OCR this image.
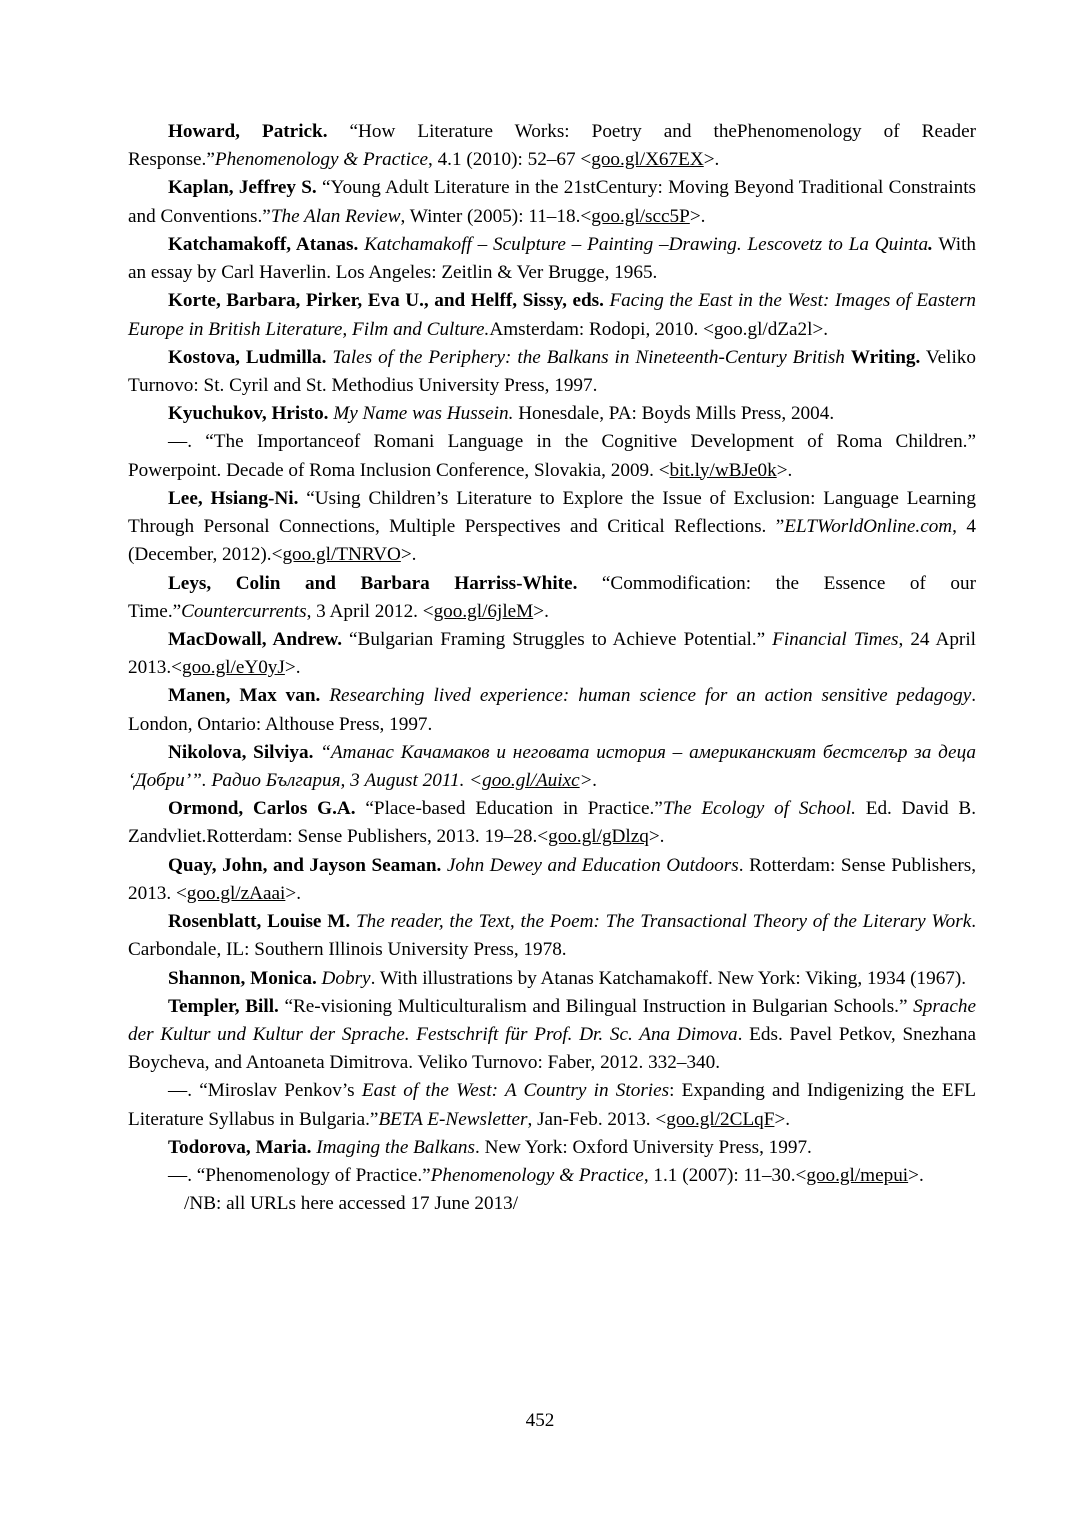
Howard, Patrick. “How Literature Works: Poetry and thePhenomenology of Reader Response.”Phenomenology & Practice, 4.1 (2010): 52–67 <goo.gl/X67EX>.

Kaplan, Jeffrey S. “Young Adult Literature in the 21stCentury: Moving Beyond Traditional Constraints and Conventions.”The Alan Review, Winter (2005): 11–18.<goo.gl/scc5P>.

Katchamakoff, Atanas. Katchamakoff – Sculpture – Painting –Drawing. Lescovetz to La Quinta. With an essay by Carl Haverlin. Los Angeles: Zeitlin & Ver Brugge, 1965.

Korte, Barbara, Pirker, Eva U., and Helff, Sissy, eds. Facing the East in the West: Images of Eastern Europe in British Literature, Film and Culture.Amsterdam: Rodopi, 2010. <goo.gl/dZa2l>.

Kostova, Ludmilla. Tales of the Periphery: the Balkans in Nineteenth-Century British Writing. Veliko Turnovo: St. Cyril and St. Methodius University Press, 1997.

Kyuchukov, Hristo. My Name was Hussein. Honesdale, PA: Boyds Mills Press, 2004.

—. “The Importanceof Romani Language in the Cognitive Development of Roma Children.” Powerpoint. Decade of Roma Inclusion Conference, Slovakia, 2009. <bit.ly/wBJe0k>.

Lee, Hsiang-Ni. “Using Children’s Literature to Explore the Issue of Exclusion: Language Learning Through Personal Connections, Multiple Perspectives and Critical Reflections. ”ELTWorldOnline.com, 4 (December, 2012).<goo.gl/TNRVO>.

Leys, Colin and Barbara Harriss-White. “Commodification: the Essence of our Time.”Countercurrents, 3 April 2012. <goo.gl/6jleM>.

MacDowall, Andrew. “Bulgarian Framing Struggles to Achieve Potential.” Financial Times, 24 April 2013.<goo.gl/eY0yJ>.

Manen, Max van. Researching lived experience: human science for an action sensitive pedagogy. London, Ontario: Althouse Press, 1997.

Nikolova, Silviya. “Атанас Качамаков и неговата история – американският бестселър за деца ‘Добри’”. Радио България, 3 August 2011. <goo.gl/Auixc>.

Ormond, Carlos G.A. “Place-based Education in Practice.”The Ecology of School. Ed. David B. Zandvliet.Rotterdam: Sense Publishers, 2013. 19–28.<goo.gl/gDlzq>.

Quay, John, and Jayson Seaman. John Dewey and Education Outdoors. Rotterdam: Sense Publishers, 2013. <goo.gl/zAaai>.

Rosenblatt, Louise M. The reader, the Text, the Poem: The Transactional Theory of the Literary Work. Carbondale, IL: Southern Illinois University Press, 1978.

Shannon, Monica. Dobry. With illustrations by Atanas Katchamakoff. New York: Viking, 1934 (1967).

Templer, Bill. “Re-visioning Multiculturalism and Bilingual Instruction in Bulgarian Schools.” Sprache der Kultur und Kultur der Sprache. Festschrift für Prof. Dr. Sc. Ana Dimova. Eds. Pavel Petkov, Snezhana Boycheva, and Antoaneta Dimitrova. Veliko Turnovo: Faber, 2012. 332–340.

—. “Miroslav Penkov’s East of the West: A Country in Stories: Expanding and Indigenizing the EFL Literature Syllabus in Bulgaria.”BETA E-Newsletter, Jan-Feb. 2013. <goo.gl/2CLqF>.

Todorova, Maria. Imaging the Balkans. New York: Oxford University Press, 1997.

—. “Phenomenology of Practice.”Phenomenology & Practice, 1.1 (2007): 11–30.<goo.gl/mepui>.

/NB: all URLs here accessed 17 June 2013/

452
